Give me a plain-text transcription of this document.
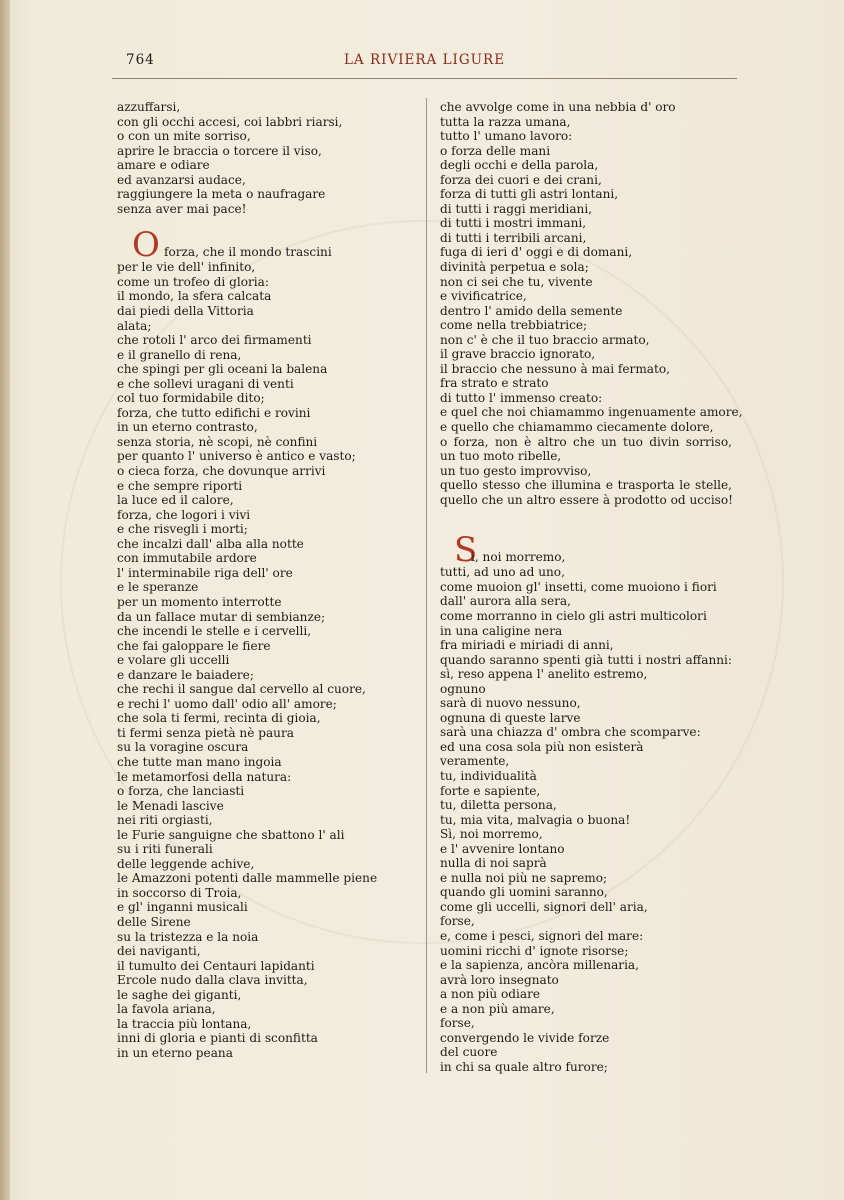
764	LA RIVIERA LIGURE
azzuffarsi,
con gli occhi accesi, coi labbri riarsi,
o con un mite sorriso,
aprire le braccia o torcere il viso,
amare e odiare
ed avanzarsi audace,
raggiungere la meta o naufragare
senza aver mai pace!
O forza, che il mondo trascini
per le vie dell' infinito,
come un trofeo di gloria:
il mondo, la sfera calcata
dai piedi della Vittoria
alata;
che rotoli l' arco dei firmamenti
e il granello di rena,
che spingi per gli oceani la balena
e che sollevi uragani di venti
col tuo formidabile dito;
forza, che tutto edifichi e rovini
in un eterno contrasto,
senza storia, nè scopi, nè confini
per quanto l' universo è antico e vasto;
o cieca forza, che dovunque arrivi
e che sempre riporti
la luce ed il calore,
forza, che logori i vivi
e che risvegli i morti;
che incalzi dall' alba alla notte
con immutabile ardore
l' interminabile riga dell' ore
e le speranze
per un momento interrotte
da un fallace mutar di sembianze;
che incendi le stelle e i cervelli,
che fai galoppare le fiere
e volare gli uccelli
e danzare le baiadere;
che rechi il sangue dal cervello al cuore,
e rechi l' uomo dall' odio all' amore;
che sola ti fermi, recinta di gioia,
ti fermi senza pietà nè paura
su la voragine oscura
che tutte man mano ingoia
le metamorfosi della natura:
o forza, che lanciasti
le Menadi lascive
nei riti orgiasti,
le Furie sanguigne che sbattono l' ali
su i riti funerali
delle leggende achive,
le Amazzoni potenti dalle mammelle piene
in soccorso di Troia,
e gl' inganni musicali
delle Sirene
su la tristezza e la noia
dei naviganti,
il tumulto dei Centauri lapidanti
Ercole nudo dalla clava invitta,
le saghe dei giganti,
la favola ariana,
la traccia più lontana,
inni di gloria e pianti di sconfitta
in un eterno peana
che avvolge come in una nebbia d' oro
tutta la razza umana,
tutto l' umano lavoro:
o forza delle mani
degli occhi e della parola,
forza dei cuori e dei crani,
forza di tutti gli astri lontani,
di tutti i raggi meridiani,
di tutti i mostri immani,
di tutti i terribili arcani,
fuga di ieri d' oggi e di domani,
divinità perpetua e sola;
non ci sei che tu, vivente
e vivificatrice,
dentro l' amido della semente
come nella trebbiatrice;
non c' è che il tuo braccio armato,
il grave braccio ignorato,
il braccio che nessuno à mai fermato,
fra strato e strato
di tutto l' immenso creato:
e quel che noi chiamammo ingenuamente amore,
e quello che chiamammo ciecamente dolore,
o forza, non è altro che un tuo divin sorriso,
un tuo moto ribelle,
un tuo gesto improvviso,
quello stesso che illumina e trasporta le stelle,
quello che un altro essere à prodotto od ucciso!
S
i, noi morremo,
tutti, ad uno ad uno,
come muoion gl' insetti, come muoiono i fiori
dall' aurora alla sera,
come morranno in cielo gli astri multicolori
in una caligine nera
fra miriadi e miriadi di anni,
quando saranno spenti già tutti i nostri affanni:
sì, reso appena l' anelito estremo,
ognuno
sarà di nuovo nessuno,
ognuna di queste larve
sarà una chiazza d' ombra che scomparve:
ed una cosa sola più non esisterà
veramente,
tu, individualità
forte e sapiente,
tu, diletta persona,
tu, mia vita, malvagia o buona!
Sì, noi morremo,
e l' avvenire lontano
nulla di noi saprà
e nulla noi più ne sapremo;
quando gli uomini saranno,
come gli uccelli, signori dell' aria,
forse,
e, come i pesci, signori del mare:
uomini ricchi d' ignote risorse;
e la sapienza, ancòra millenaria,
avrà loro insegnato
a non più odiare
e a non più amare,
forse,
convergendo le vivide forze
del cuore
in chi sa quale altro furore;
